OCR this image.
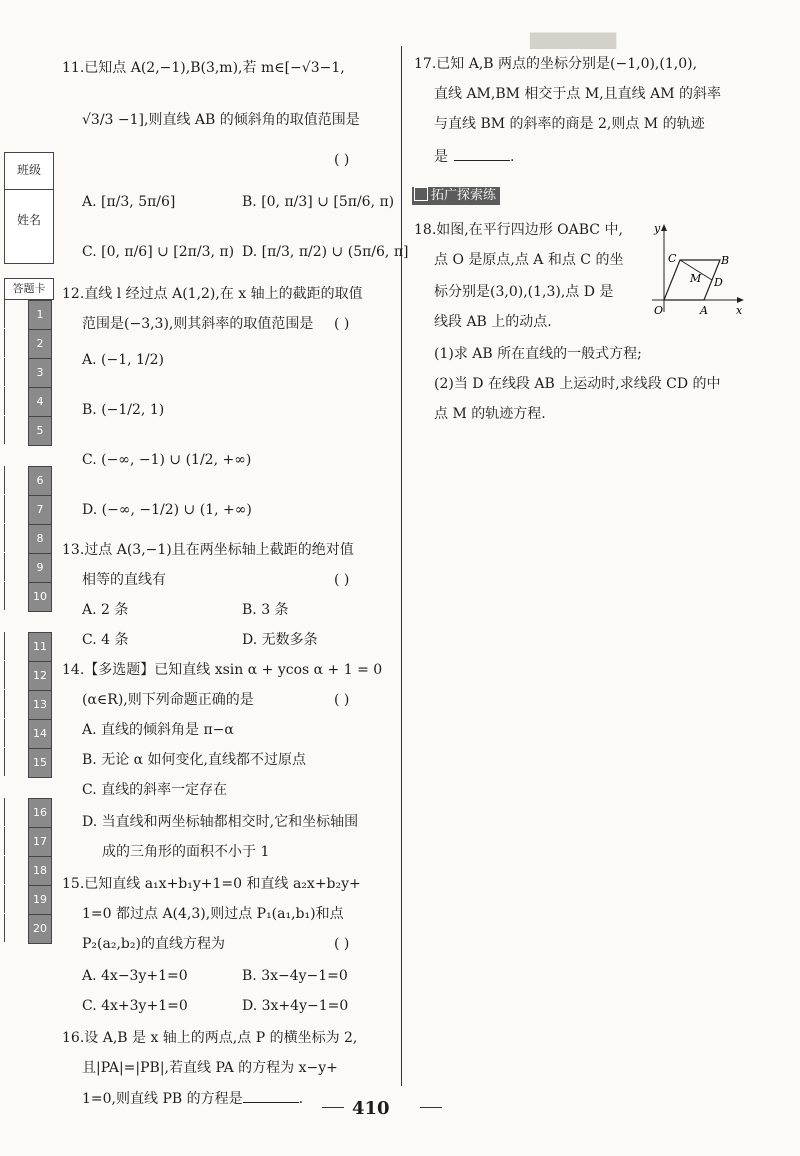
▇▇▇▇▇▇▇
班级
姓名
答题卡
1
2
3
4
5
6
7
8
9
10
11
12
13
14
15
16
17
18
19
20
11.已知点 A(2,−1),B(3,m),若 m∈[−√3−1,
√3/3 −1],则直线 AB 的倾斜角的取值范围是
( )
A. [π/3, 5π/6]	B. [0, π/3] ∪ [5π/6, π)
C. [0, π/6] ∪ [2π/3, π) D. [π/3, π/2) ∪ (5π/6, π]
12.直线 l 经过点 A(1,2),在 x 轴上的截距的取值
范围是(−3,3),则其斜率的取值范围是 ( )
A. (−1, 1/2)
B. (−1/2, 1)
C. (−∞, −1) ∪ (1/2, +∞)
D. (−∞, −1/2) ∪ (1, +∞)
13.过点 A(3,−1)且在两坐标轴上截距的绝对值
相等的直线有	( )
A. 2 条	B. 3 条
C. 4 条	D. 无数多条
14.【多选题】已知直线 xsin α + ycos α + 1 = 0
(α∈R),则下列命题正确的是	( )
A. 直线的倾斜角是 π−α
B. 无论 α 如何变化,直线都不过原点
C. 直线的斜率一定存在
D. 当直线和两坐标轴都相交时,它和坐标轴围
成的三角形的面积不小于 1
15.已知直线 a₁x+b₁y+1=0 和直线 a₂x+b₂y+
1=0 都过点 A(4,3),则过点 P₁(a₁,b₁)和点
P₂(a₂,b₂)的直线方程为	( )
A. 4x−3y+1=0	B. 3x−4y−1=0
C. 4x+3y+1=0	D. 3x+4y−1=0
16.设 A,B 是 x 轴上的两点,点 P 的横坐标为 2,
且|PA|=|PB|,若直线 PA 的方程为 x−y+
1=0,则直线 PB 的方程是	.
17.已知 A,B 两点的坐标分别是(−1,0),(1,0),
直线 AM,BM 相交于点 M,且直线 AM 的斜率
与直线 BM 的斜率的商是 2,则点 M 的轨迹
是	.
拓广探索练
18.如图,在平行四边形 OABC 中,
点 O 是原点,点 A 和点 C 的坐
标分别是(3,0),(1,3),点 D 是
线段 AB 上的动点.
(1)求 AB 所在直线的一般式方程;
(2)当 D 在线段 AB 上运动时,求线段 CD 的中
点 M 的轨迹方程.
y
x
O	A
B
C
D
M
410
